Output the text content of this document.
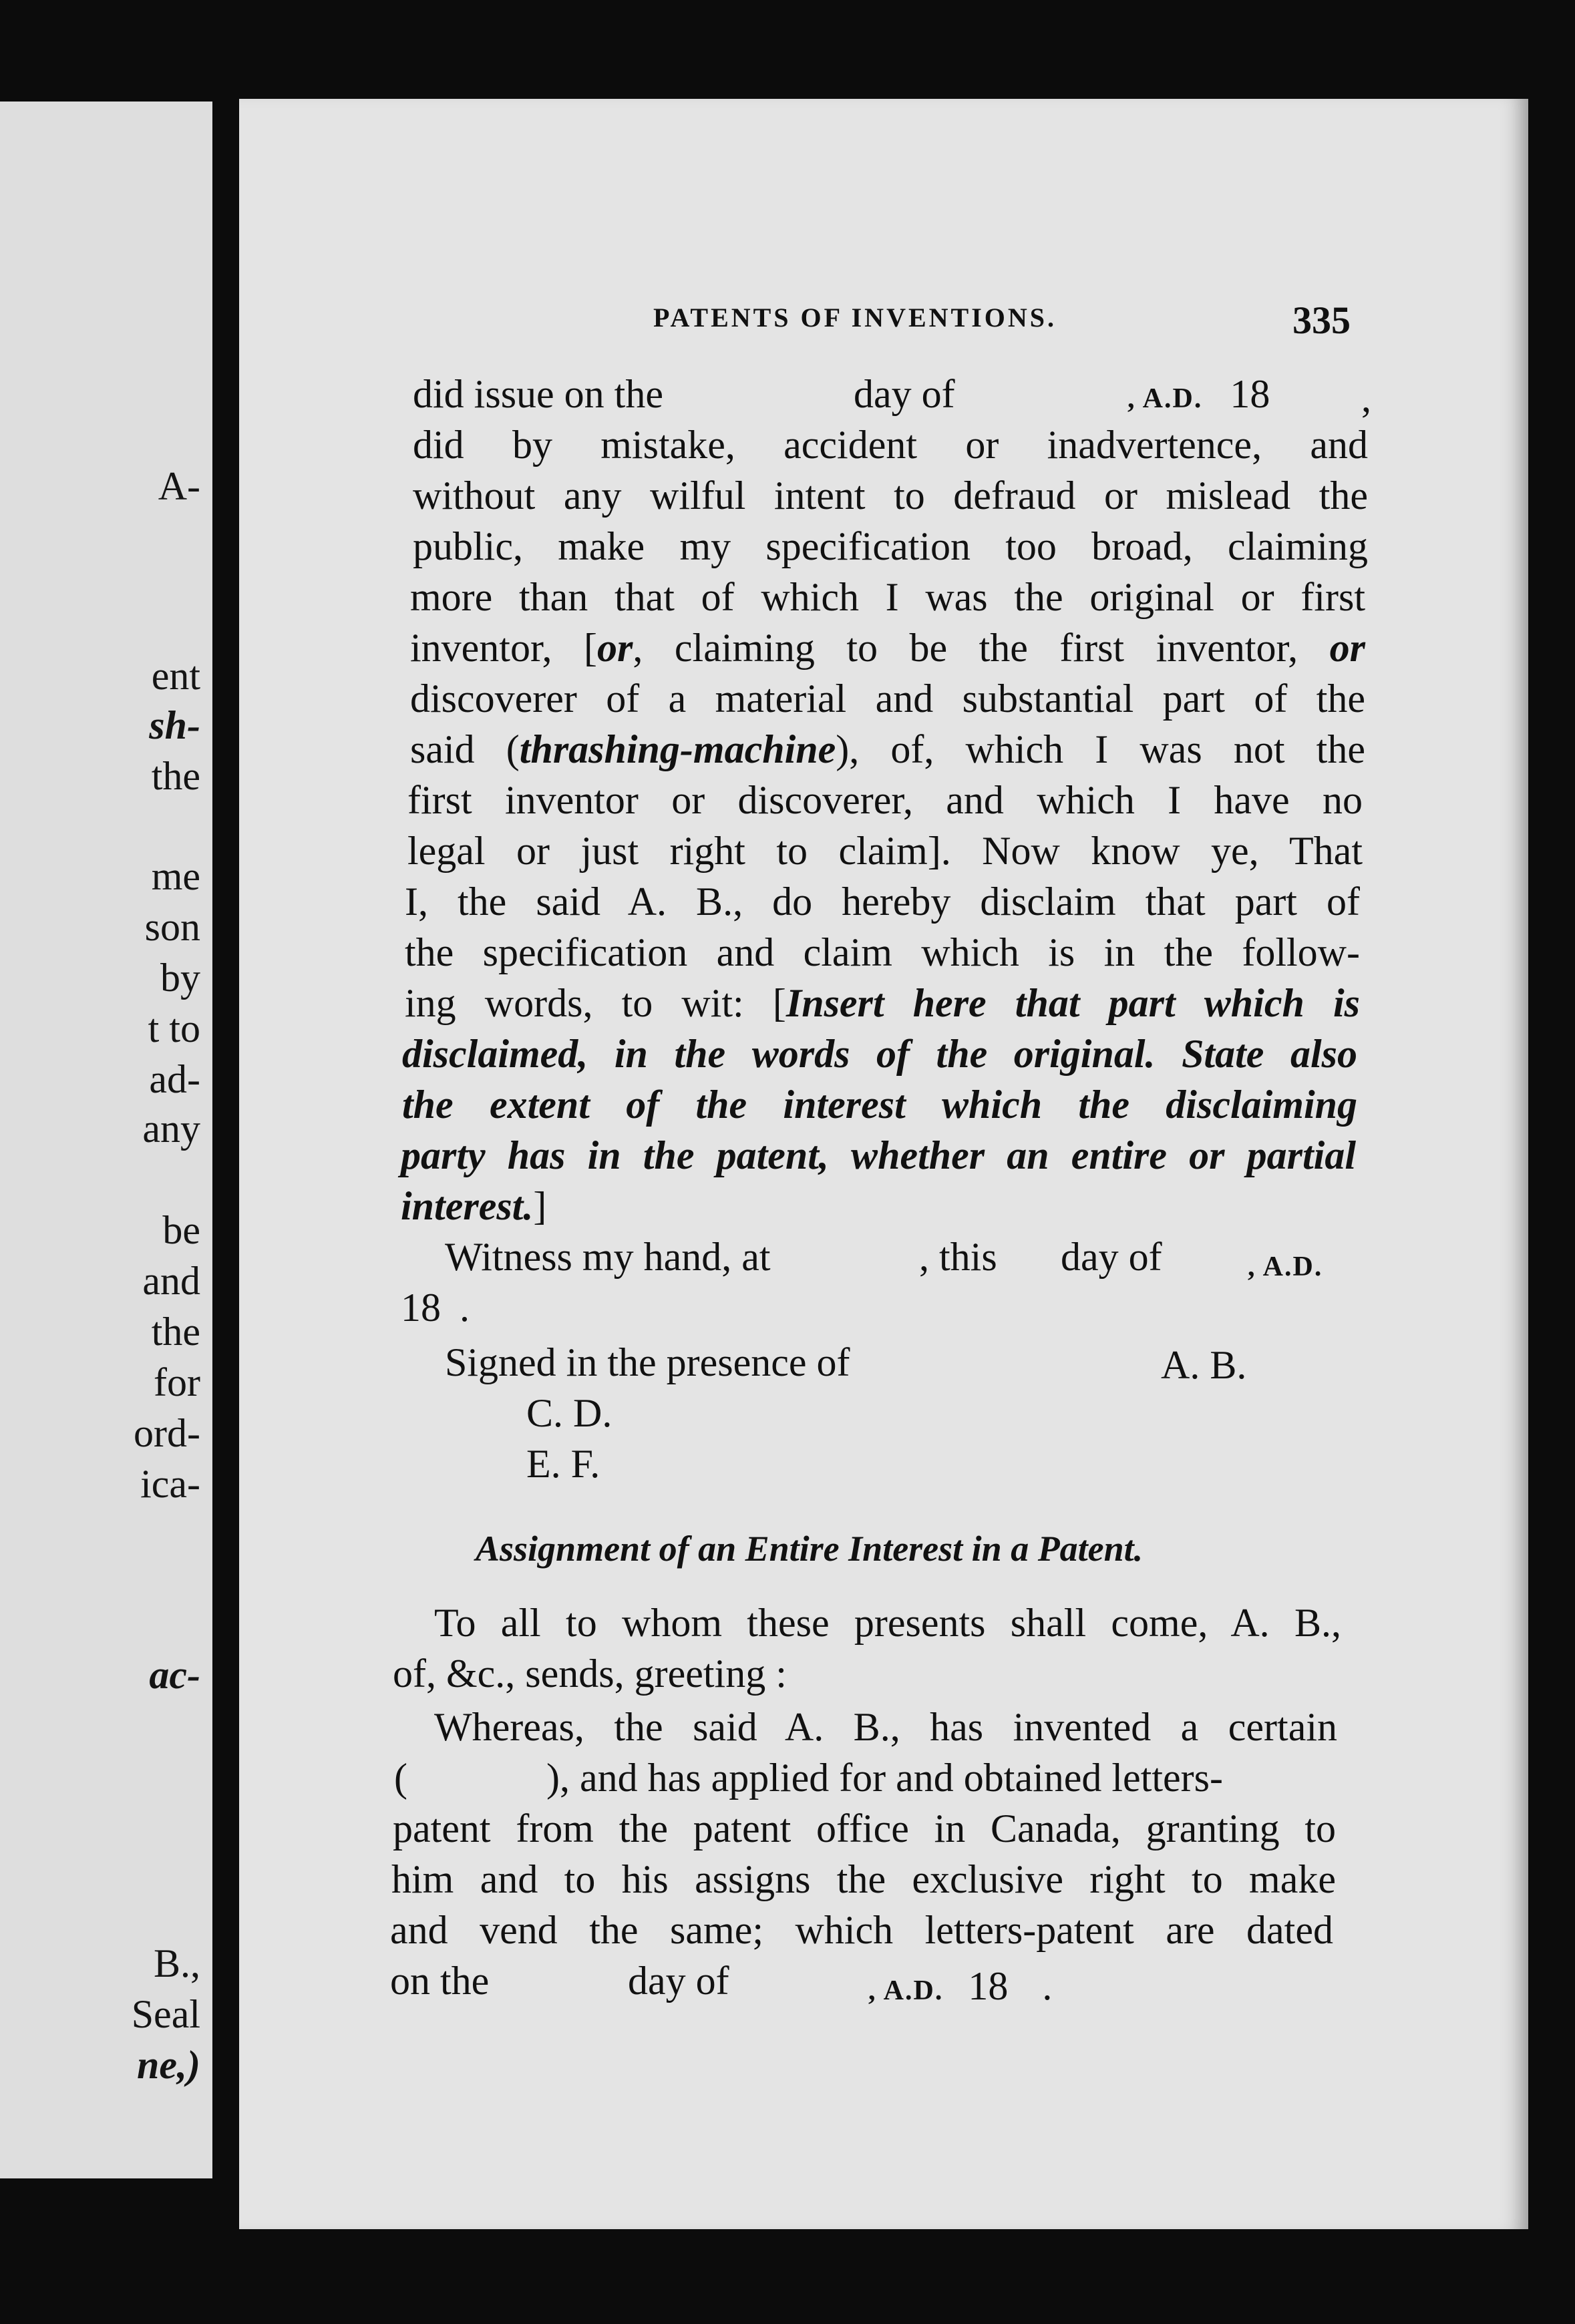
A-
ent
sh-
the
me
son
by
t to
ad-
any
be
and
the
for
ord-
ica-
ac-
B.,
Seal
ne,)
PATENTS OF INVENTIONS.	335
did issue on the	day of	, A.D. 18 ,
did by mistake, accident or inadvertence, and
without any wilful intent to defraud or mislead the
public, make my specification too broad, claiming
more than that of which I was the original or first
inventor, [or, claiming to be the first inventor, or
discoverer of a material and substantial part of the
said (thrashing-machine), of, which I was not the
first inventor or discoverer, and which I have no
legal or just right to claim]. Now know ye, That
I, the said A. B., do hereby disclaim that part of
the specification and claim which is in the follow-
ing words, to wit: [Insert here that part which is
disclaimed, in the words of the original. State also
the extent of the interest which the disclaiming
party has in the patent, whether an entire or partial
interest.]
Witness my hand, at	, this day of	, A.D.
18 .
Signed in the presence of	A. B.
C. D.
E. F.
Assignment of an Entire Interest in a Patent.
To all to whom these presents shall come, A. B.,
of, &c., sends, greeting :
Whereas, the said A. B., has invented a certain
(	), and has applied for and obtained letters-
patent from the patent office in Canada, granting to
him and to his assigns the exclusive right to make
and vend the same; which letters-patent are dated
on the	day of	, A.D. 18 .
